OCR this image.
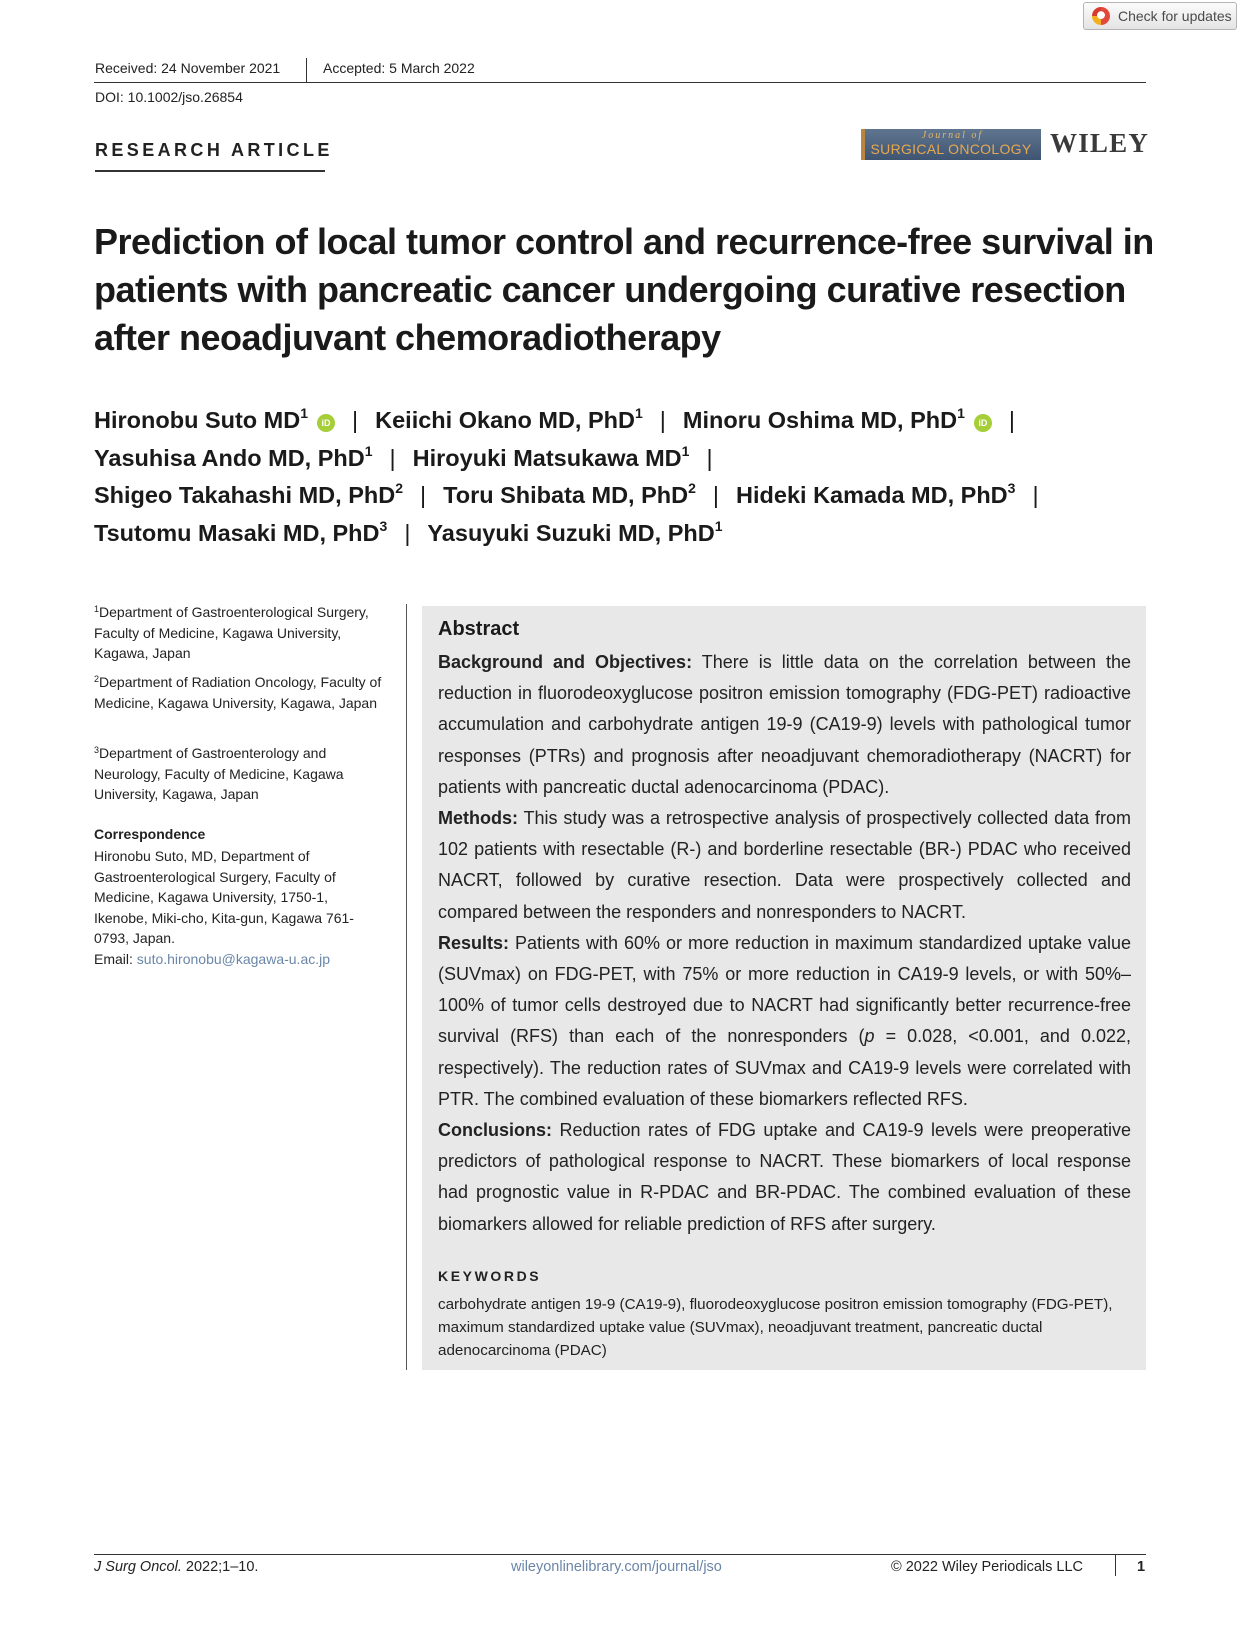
Check for updates
Received: 24 November 2021	Accepted: 5 March 2022
DOI: 10.1002/jso.26854
RESEARCH ARTICLE
Journal of
SURGICAL ONCOLOGY WILEY
Prediction of local tumor control and recurrence-free survival in patients with pancreatic cancer undergoing curative resection after neoadjuvant chemoradiotherapy
Hironobu Suto $MD^1iD$ | Keiichi Okano MD, PhD$^1$ | Minoru Oshima MD, PhD$^1$iD |
Yasuhisa Ando MD, PhD$^1$ | Hiroyuki Matsukawa $MD^1$ |
Shigeo Takahashi MD, PhD$^2$ | Toru Shibata MD, PhD$^2$ | Hideki Kamada MD, PhD$^3$ |
Tsutomu Masaki MD, PhD$^3$ | Yasuyuki Suzuki MD, PhD$^1$
$^1$Department of Gastroenterological Surgery, Faculty of Medicine, Kagawa University, Kagawa, Japan
$^2$Department of Radiation Oncology, Faculty of Medicine, Kagawa University, Kagawa, Japan
$^3$Department of Gastroenterology and Neurology, Faculty of Medicine, Kagawa University, Kagawa, Japan
Correspondence
Hironobu Suto, MD, Department of Gastroenterological Surgery, Faculty of Medicine, Kagawa University, 1750-1, Ikenobe, Miki-cho, Kita-gun, Kagawa 761-0793, Japan.
Email: suto.hironobu@kagawa-u.ac.jp
Abstract

Background and Objectives: There is little data on the correlation between the reduction in fluorodeoxyglucose positron emission tomography (FDG-PET) radioactive accumulation and carbohydrate antigen 19-9 (CA19-9) levels with pathological tumor responses (PTRs) and prognosis after neoadjuvant chemoradiotherapy (NACRT) for patients with pancreatic ductal adenocarcinoma (PDAC).

Methods: This study was a retrospective analysis of prospectively collected data from 102 patients with resectable (R-) and borderline resectable (BR-) PDAC who received NACRT, followed by curative resection. Data were prospectively collected and compared between the responders and nonresponders to NACRT.

Results: Patients with 60% or more reduction in maximum standardized uptake value (SUVmax) on FDG-PET, with 75% or more reduction in CA19-9 levels, or with 50%–100% of tumor cells destroyed due to NACRT had significantly better recurrence-free survival (RFS) than each of the nonresponders (p = 0.028, <0.001, and 0.022, respectively). The reduction rates of SUVmax and CA19-9 levels were correlated with PTR. The combined evaluation of these biomarkers reflected RFS.

Conclusions: Reduction rates of FDG uptake and CA19-9 levels were preoperative predictors of pathological response to NACRT. These biomarkers of local response had prognostic value in R-PDAC and BR-PDAC. The combined evaluation of these biomarkers allowed for reliable prediction of RFS after surgery.

KEYWORDS
carbohydrate antigen 19-9 (CA19-9), fluorodeoxyglucose positron emission tomography (FDG-PET), maximum standardized uptake value (SUVmax), neoadjuvant treatment, pancreatic ductal adenocarcinoma (PDAC)
J Surg Oncol. 2022;1–10.	wileyonlinelibrary.com/journal/jso	© 2022 Wiley Periodicals LLC	1
